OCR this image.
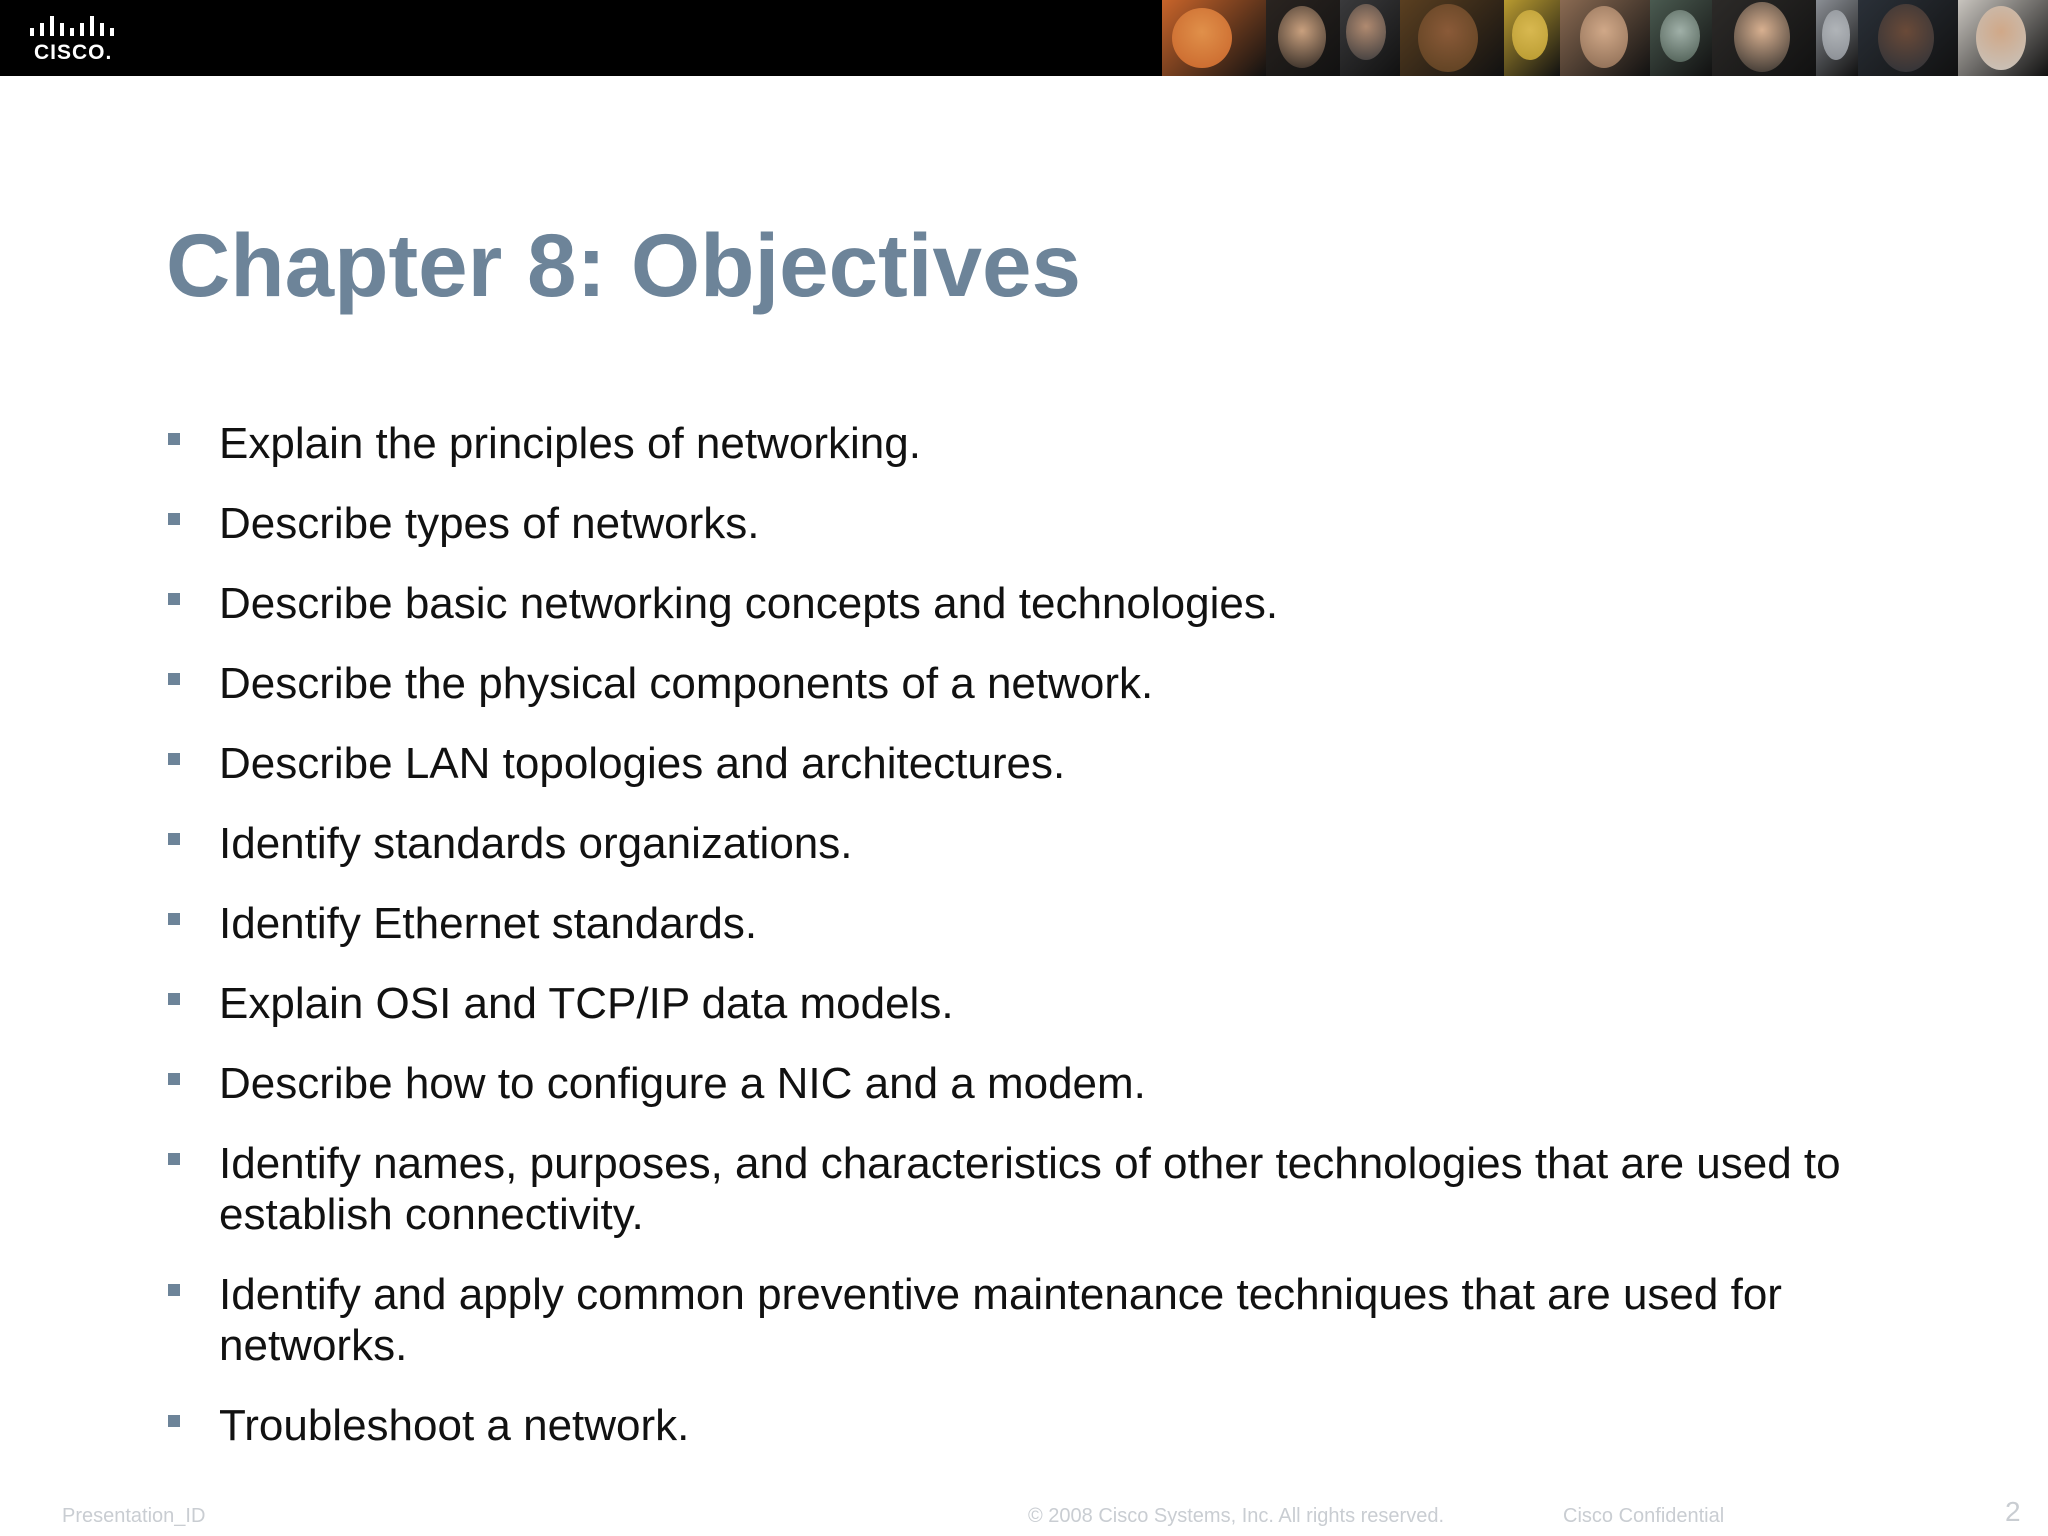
CISCO.
Chapter 8: Objectives
Explain the principles of networking.
Describe types of networks.
Describe basic networking concepts and technologies.
Describe the physical components of a network.
Describe LAN topologies and architectures.
Identify standards organizations.
Identify Ethernet standards.
Explain OSI and TCP/IP data models.
Describe how to configure a NIC and a modem.
Identify names, purposes, and characteristics of other technologies that are used to establish connectivity.
Identify and apply common preventive maintenance techniques that are used for networks.
Troubleshoot a network.
Presentation_ID	© 2008 Cisco Systems, Inc. All rights reserved.	Cisco Confidential	2
